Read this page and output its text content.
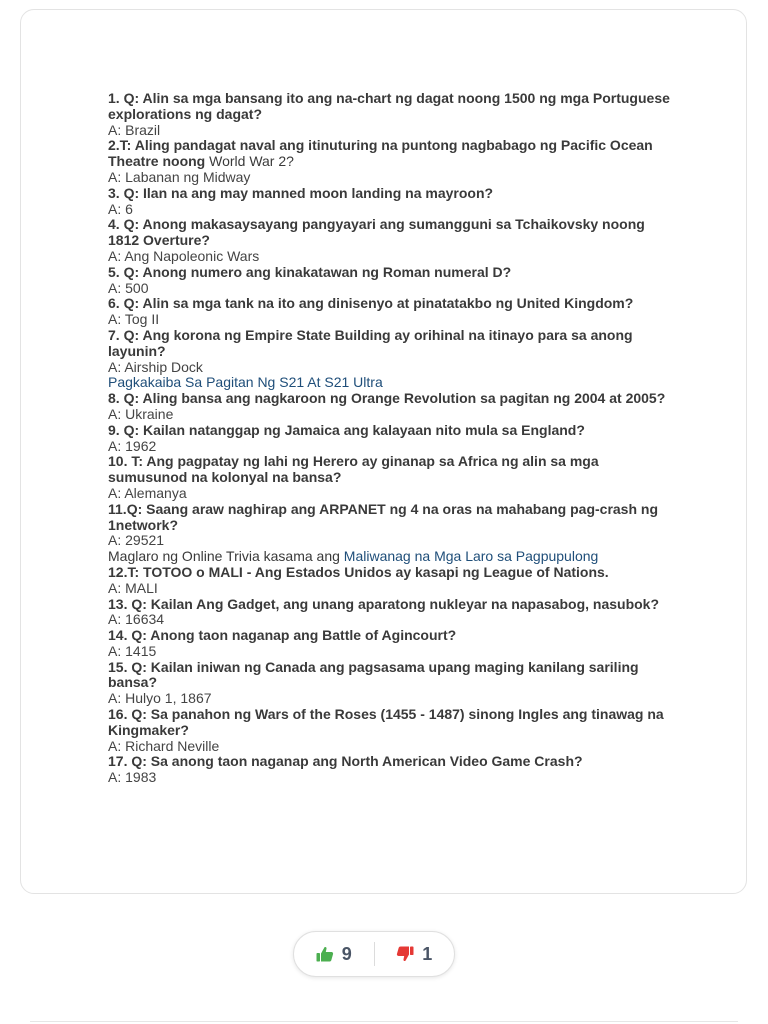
1. Q: Alin sa mga bansang ito ang na-chart ng dagat noong 1500 ng mga Portuguese explorations ng dagat?
A: Brazil
2.T: Aling pandagat naval ang itinuturing na puntong nagbabago ng Pacific Ocean Theatre noong World War 2?
A: Labanan ng Midway
3. Q: Ilan na ang may manned moon landing na mayroon?
A: 6
4. Q: Anong makasaysayang pangyayari ang sumangguni sa Tchaikovsky noong 1812 Overture?
A: Ang Napoleonic Wars
5. Q: Anong numero ang kinakatawan ng Roman numeral D?
A: 500
6. Q: Alin sa mga tank na ito ang dinisenyo at pinatatakbo ng United Kingdom?
A: Tog II
7. Q: Ang korona ng Empire State Building ay orihinal na itinayo para sa anong layunin?
A: Airship Dock
Pagkakaiba Sa Pagitan Ng S21 At S21 Ultra
8. Q: Aling bansa ang nagkaroon ng Orange Revolution sa pagitan ng 2004 at 2005?
A: Ukraine
9. Q: Kailan natanggap ng Jamaica ang kalayaan nito mula sa England?
A: 1962
10. T: Ang pagpatay ng lahi ng Herero ay ginanap sa Africa ng alin sa mga sumusunod na kolonyal na bansa?
A: Alemanya
11.Q: Saang araw naghirap ang ARPANET ng 4 na oras na mahabang pag-crash ng 1network?
A: 29521
Maglaro ng Online Trivia kasama ang Maliwanag na Mga Laro sa Pagpupulong
12.T: TOTOO o MALI - Ang Estados Unidos ay kasapi ng League of Nations.
A: MALI
13. Q: Kailan Ang Gadget, ang unang aparatong nukleyar na napasabog, nasubok?
A: 16634
14. Q: Anong taon naganap ang Battle of Agincourt?
A: 1415
15. Q: Kailan iniwan ng Canada ang pagsasama upang maging kanilang sariling bansa?
A: Hulyo 1, 1867
16. Q: Sa panahon ng Wars of the Roses (1455 - 1487) sinong Ingles ang tinawag na Kingmaker?
A: Richard Neville
17. Q: Sa anong taon naganap ang North American Video Game Crash?
A: 1983
9	1
